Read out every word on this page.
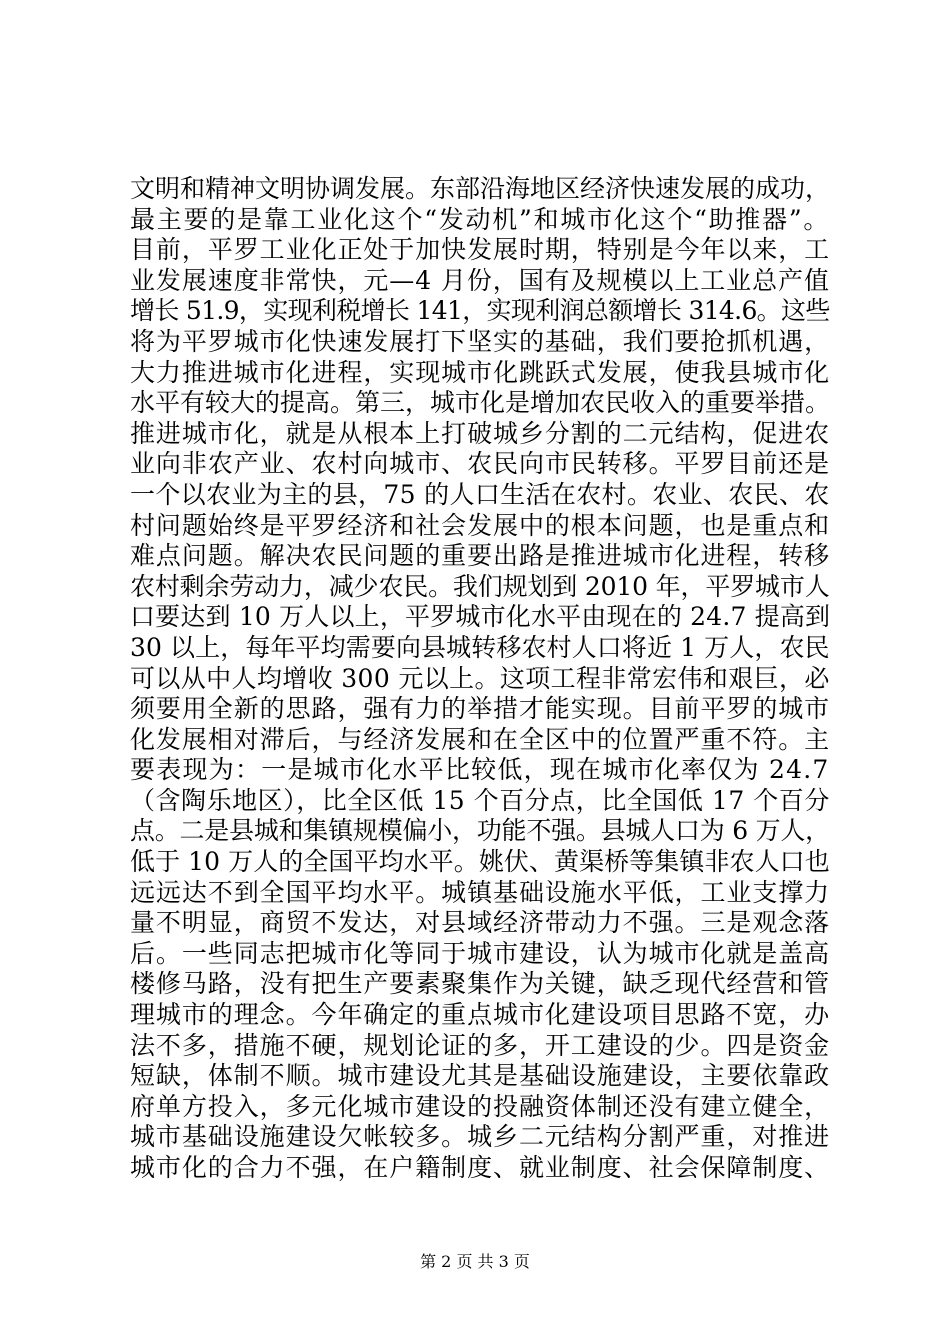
文明和精神文明协调发展。东部沿海地区经济快速发展的成功，
最主要的是靠工业化这个“发动机”和城市化这个“助推器”。
目前，平罗工业化正处于加快发展时期，特别是今年以来，工
业发展速度非常快，元—4 月份，国有及规模以上工业总产值
增长 51.9，实现利税增长 141，实现利润总额增长 314.6。这些
将为平罗城市化快速发展打下坚实的基础，我们要抢抓机遇，
大力推进城市化进程，实现城市化跳跃式发展，使我县城市化
水平有较大的提高。第三，城市化是增加农民收入的重要举措。
推进城市化，就是从根本上打破城乡分割的二元结构，促进农
业向非农产业、农村向城市、农民向市民转移。平罗目前还是
一个以农业为主的县，75 的人口生活在农村。农业、农民、农
村问题始终是平罗经济和社会发展中的根本问题，也是重点和
难点问题。解决农民问题的重要出路是推进城市化进程，转移
农村剩余劳动力，减少农民。我们规划到 2010 年，平罗城市人
口要达到 10 万人以上，平罗城市化水平由现在的 24.7 提高到
30 以上，每年平均需要向县城转移农村人口将近 1 万人，农民
可以从中人均增收 300 元以上。这项工程非常宏伟和艰巨，必
须要用全新的思路，强有力的举措才能实现。目前平罗的城市
化发展相对滞后，与经济发展和在全区中的位置严重不符。主
要表现为：一是城市化水平比较低，现在城市化率仅为 24.7
（含陶乐地区），比全区低 15 个百分点，比全国低 17 个百分
点。二是县城和集镇规模偏小，功能不强。县城人口为 6 万人，
低于 10 万人的全国平均水平。姚伏、黄渠桥等集镇非农人口也
远远达不到全国平均水平。城镇基础设施水平低，工业支撑力
量不明显，商贸不发达，对县域经济带动力不强。三是观念落
后。一些同志把城市化等同于城市建设，认为城市化就是盖高
楼修马路，没有把生产要素聚集作为关键，缺乏现代经营和管
理城市的理念。今年确定的重点城市化建设项目思路不宽，办
法不多，措施不硬，规划论证的多，开工建设的少。四是资金
短缺，体制不顺。城市建设尤其是基础设施建设，主要依靠政
府单方投入，多元化城市建设的投融资体制还没有建立健全，
城市基础设施建设欠帐较多。城乡二元结构分割严重，对推进
城市化的合力不强，在户籍制度、就业制度、社会保障制度、
第 2 页 共 3 页
